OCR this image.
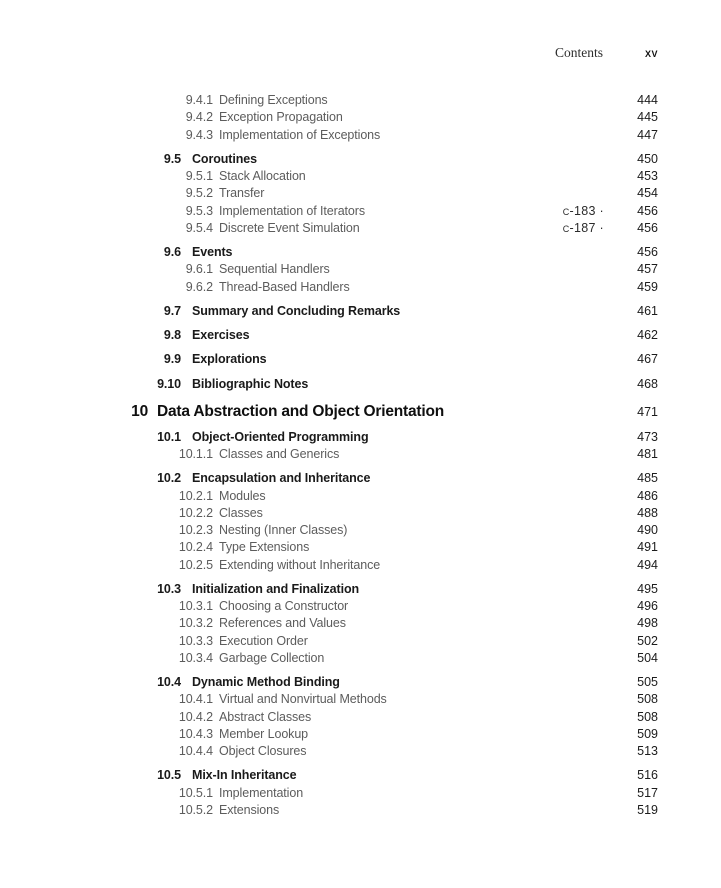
Contents	xv
9.4.1 Defining Exceptions	444
9.4.2 Exception Propagation	445
9.4.3 Implementation of Exceptions	447
9.5 Coroutines	450
9.5.1 Stack Allocation	453
9.5.2 Transfer	454
9.5.3 Implementation of Iterators	c-183 ·	456
9.5.4 Discrete Event Simulation	c-187 ·	456
9.6 Events	456
9.6.1 Sequential Handlers	457
9.6.2 Thread-Based Handlers	459
9.7 Summary and Concluding Remarks	461
9.8 Exercises	462
9.9 Explorations	467
9.10 Bibliographic Notes	468
10 Data Abstraction and Object Orientation	471
10.1 Object-Oriented Programming	473
10.1.1 Classes and Generics	481
10.2 Encapsulation and Inheritance	485
10.2.1 Modules	486
10.2.2 Classes	488
10.2.3 Nesting (Inner Classes)	490
10.2.4 Type Extensions	491
10.2.5 Extending without Inheritance	494
10.3 Initialization and Finalization	495
10.3.1 Choosing a Constructor	496
10.3.2 References and Values	498
10.3.3 Execution Order	502
10.3.4 Garbage Collection	504
10.4 Dynamic Method Binding	505
10.4.1 Virtual and Nonvirtual Methods	508
10.4.2 Abstract Classes	508
10.4.3 Member Lookup	509
10.4.4 Object Closures	513
10.5 Mix-In Inheritance	516
10.5.1 Implementation	517
10.5.2 Extensions	519
